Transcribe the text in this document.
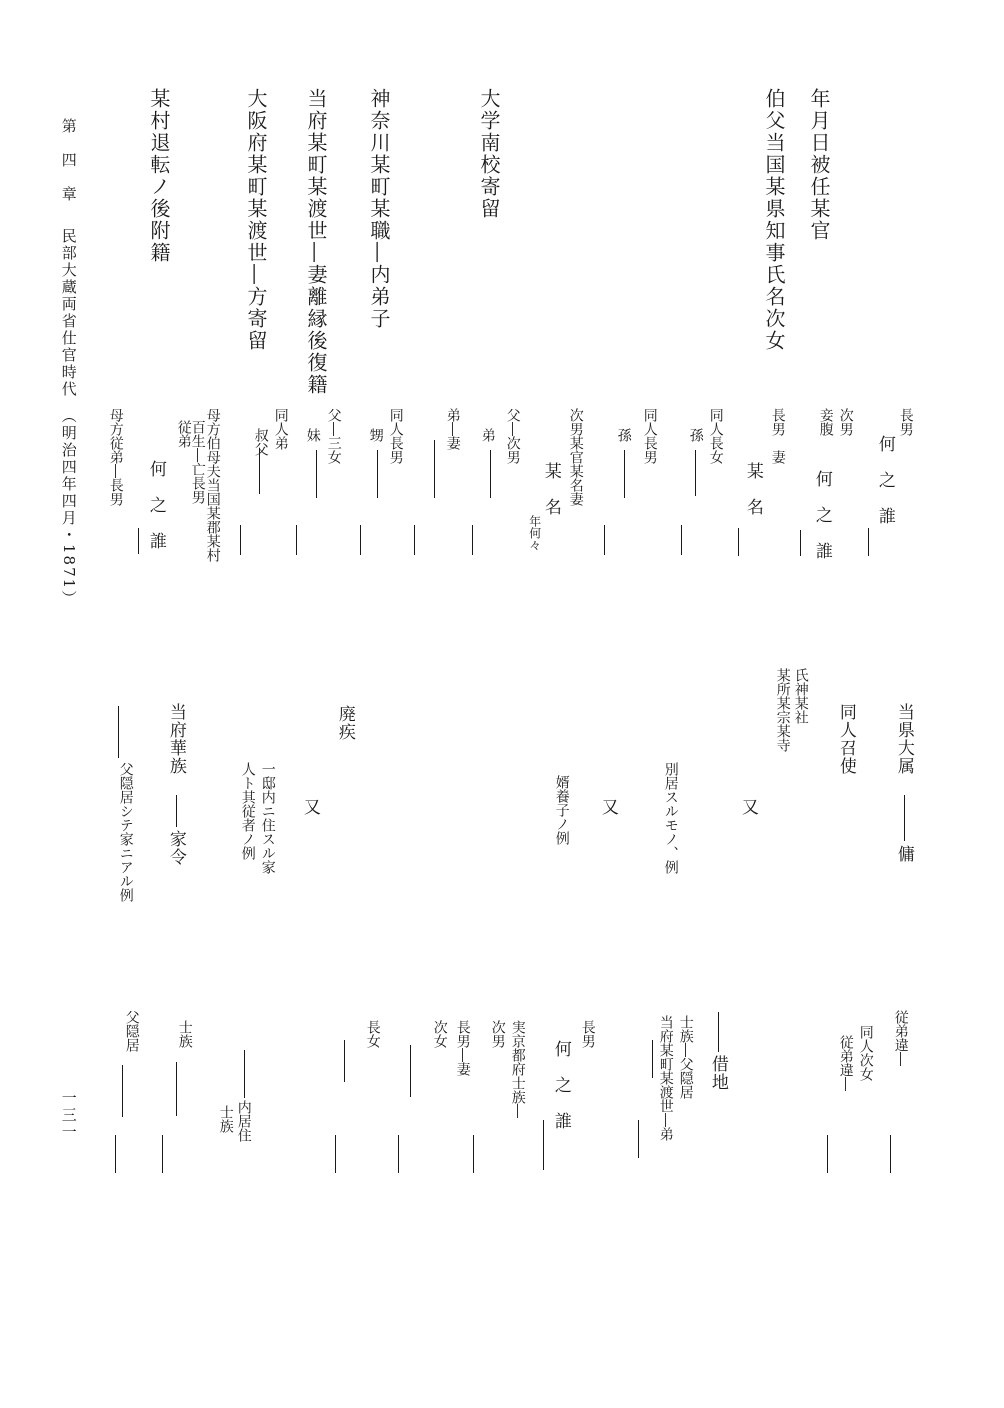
第　四　章
民部大蔵両省仕官時代
（明治四年四月・1871）
一三一
年月日被任某官
伯父当国某県知事氏名次女
大学南校寄留
神奈川某町某職―内弟子
当府某町某渡世―妻離縁後復籍
大阪府某町某渡世―方寄留
某村退転ノ後附籍
長男
何　之　誰
次男
妾腹
何　之　誰
長男　妻
某　名
同人長女
孫
同人長男
孫
次男某官某名妻
某　名
年何々
父―次男
弟
弟―妻
同人長男
甥
父―三女
妹
同人弟
叔父
母方伯母夫当国某郡某村
百生―亡長男
従弟
何　之　誰
母方従弟―長男
当県大属
傭
同人召使
氏神某社
某所某宗某寺
又
別居スルモノ、例
又
婿養子ノ例
廃疾
一邸内ニ住スル家
人ト其従者ノ例	又
当府華族
家令
父隠居シテ家ニアル例
従弟違―
同人次女
従弟違―
借地
士族―父隠居
当府某町某渡世―弟
長男
何　之　誰
実京都府士族―
次男
長男―妻
次女
長女
内居住
士族
士族
父隠居
